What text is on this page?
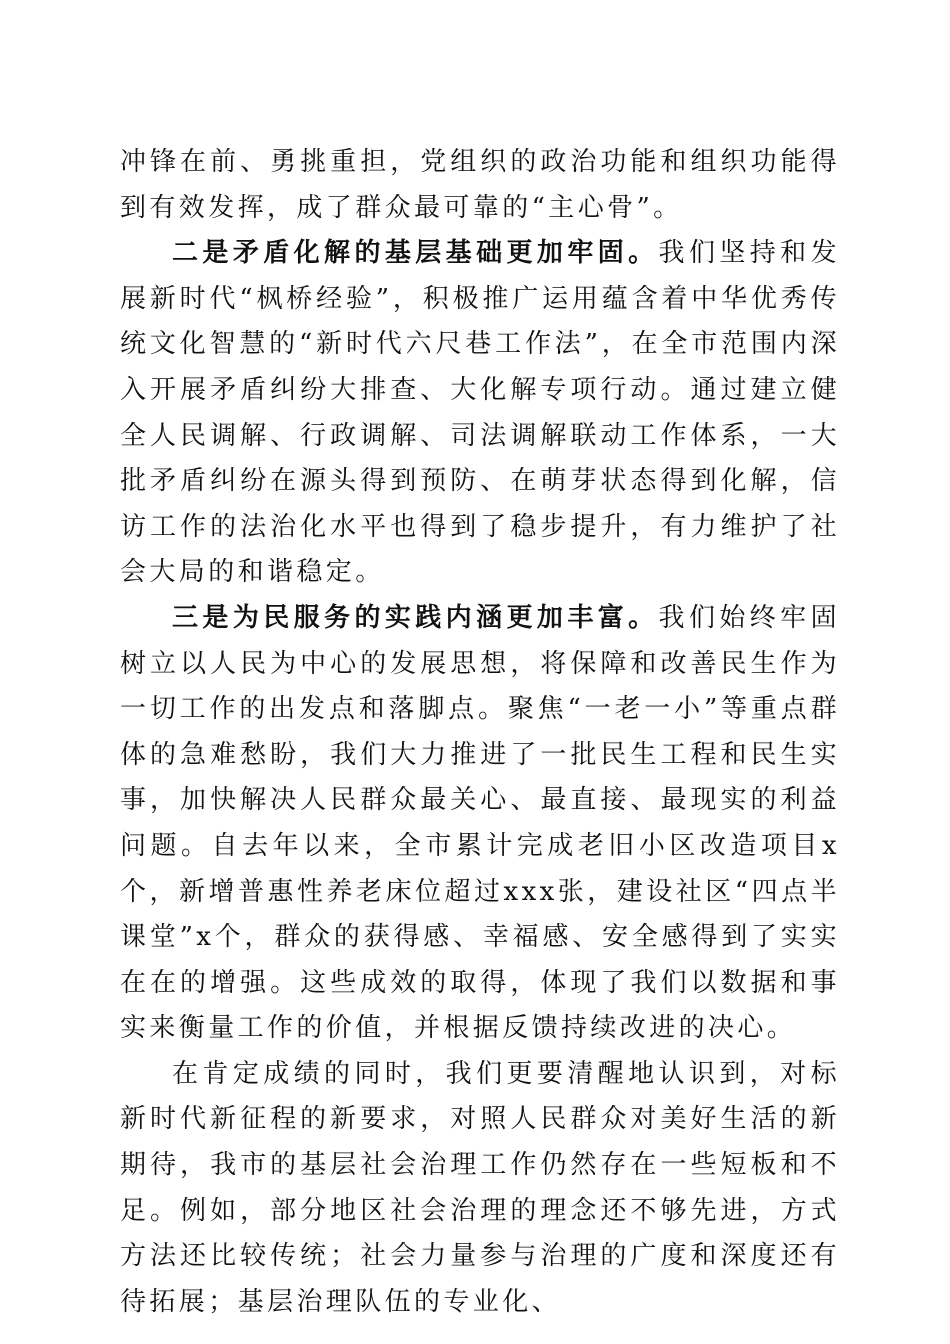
冲锋在前、勇挑重担，党组织的政治功能和组织功能得到有效发挥，成了群众最可靠的“主心骨”。

二是矛盾化解的基层基础更加牢固。我们坚持和发展新时代“枫桥经验”，积极推广运用蕴含着中华优秀传统文化智慧的“新时代六尺巷工作法”，在全市范围内深入开展矛盾纠纷大排查、大化解专项行动。通过建立健全人民调解、行政调解、司法调解联动工作体系，一大批矛盾纠纷在源头得到预防、在萌芽状态得到化解，信访工作的法治化水平也得到了稳步提升，有力维护了社会大局的和谐稳定。

三是为民服务的实践内涵更加丰富。我们始终牢固树立以人民为中心的发展思想，将保障和改善民生作为一切工作的出发点和落脚点。聚焦“一老一小”等重点群体的急难愁盼，我们大力推进了一批民生工程和民生实事，加快解决人民群众最关心、最直接、最现实的利益问题。自去年以来，全市累计完成老旧小区改造项目x个，新增普惠性养老床位超过xxx张，建设社区“四点半课堂”x个，群众的获得感、幸福感、安全感得到了实实在在的增强。这些成效的取得，体现了我们以数据和事实来衡量工作的价值，并根据反馈持续改进的决心。

在肯定成绩的同时，我们更要清醒地认识到，对标新时代新征程的新要求，对照人民群众对美好生活的新期待，我市的基层社会治理工作仍然存在一些短板和不足。例如，部分地区社会治理的理念还不够先进，方式方法还比较传统；社会力量参与治理的广度和深度还有待拓展；基层治理队伍的专业化、
